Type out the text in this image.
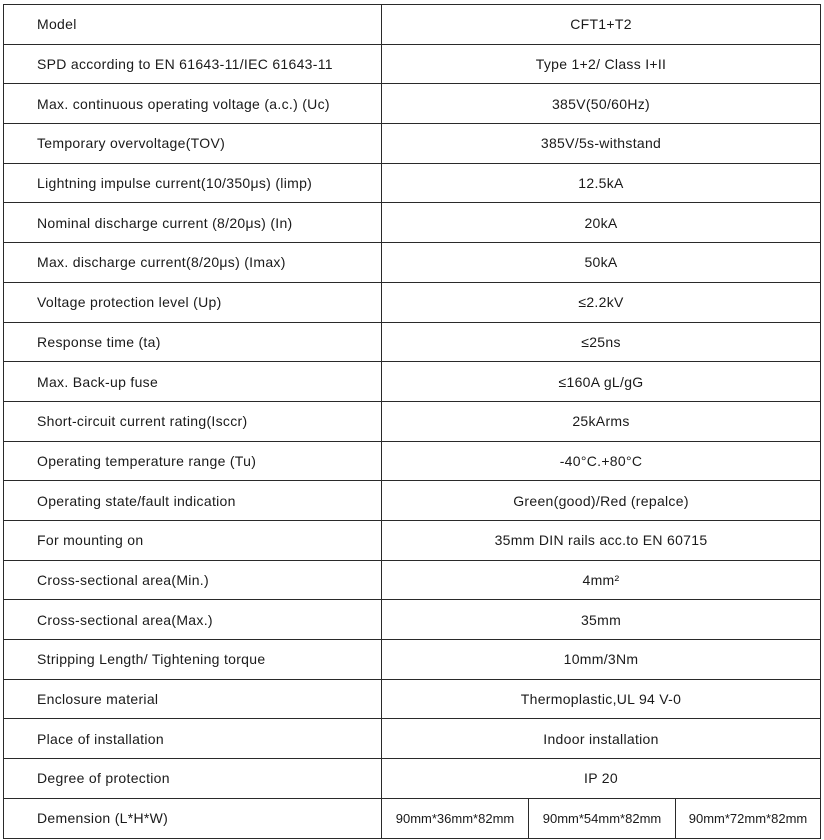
Model	CFT1+T2		
SPD according to EN 61643-11/IEC 61643-11	Type 1+2/ Class I+II		
Max. continuous operating voltage (a.c.) (Uc)	385V(50/60Hz)		
Temporary overvoltage(TOV)	385V/5s-withstand		
Lightning impulse current(10/350μs) (limp)	12.5kA		
Nominal discharge current (8/20μs) (In)	20kA		
Max. discharge current(8/20μs) (Imax)	50kA		
Voltage protection level (Up)	≤2.2kV		
Response time (ta)	≤25ns		
Max. Back-up fuse	≤160A gL/gG		
Short-circuit current rating(Isccr)	25kArms		
Operating temperature range (Tu)	-40°C.+80°C		
Operating state/fault indication	Green(good)/Red (repalce)		
For mounting on	35mm DIN rails acc.to EN 60715		
Cross-sectional area(Min.)	4mm²		
Cross-sectional area(Max.)	35mm		
Stripping Length/ Tightening torque	10mm/3Nm		
Enclosure material	Thermoplastic,UL 94 V-0		
Place of installation	Indoor installation		
Degree of protection	IP 20		
Demension (L*H*W)	90mm*36mm*82mm	90mm*54mm*82mm	90mm*72mm*82mm
